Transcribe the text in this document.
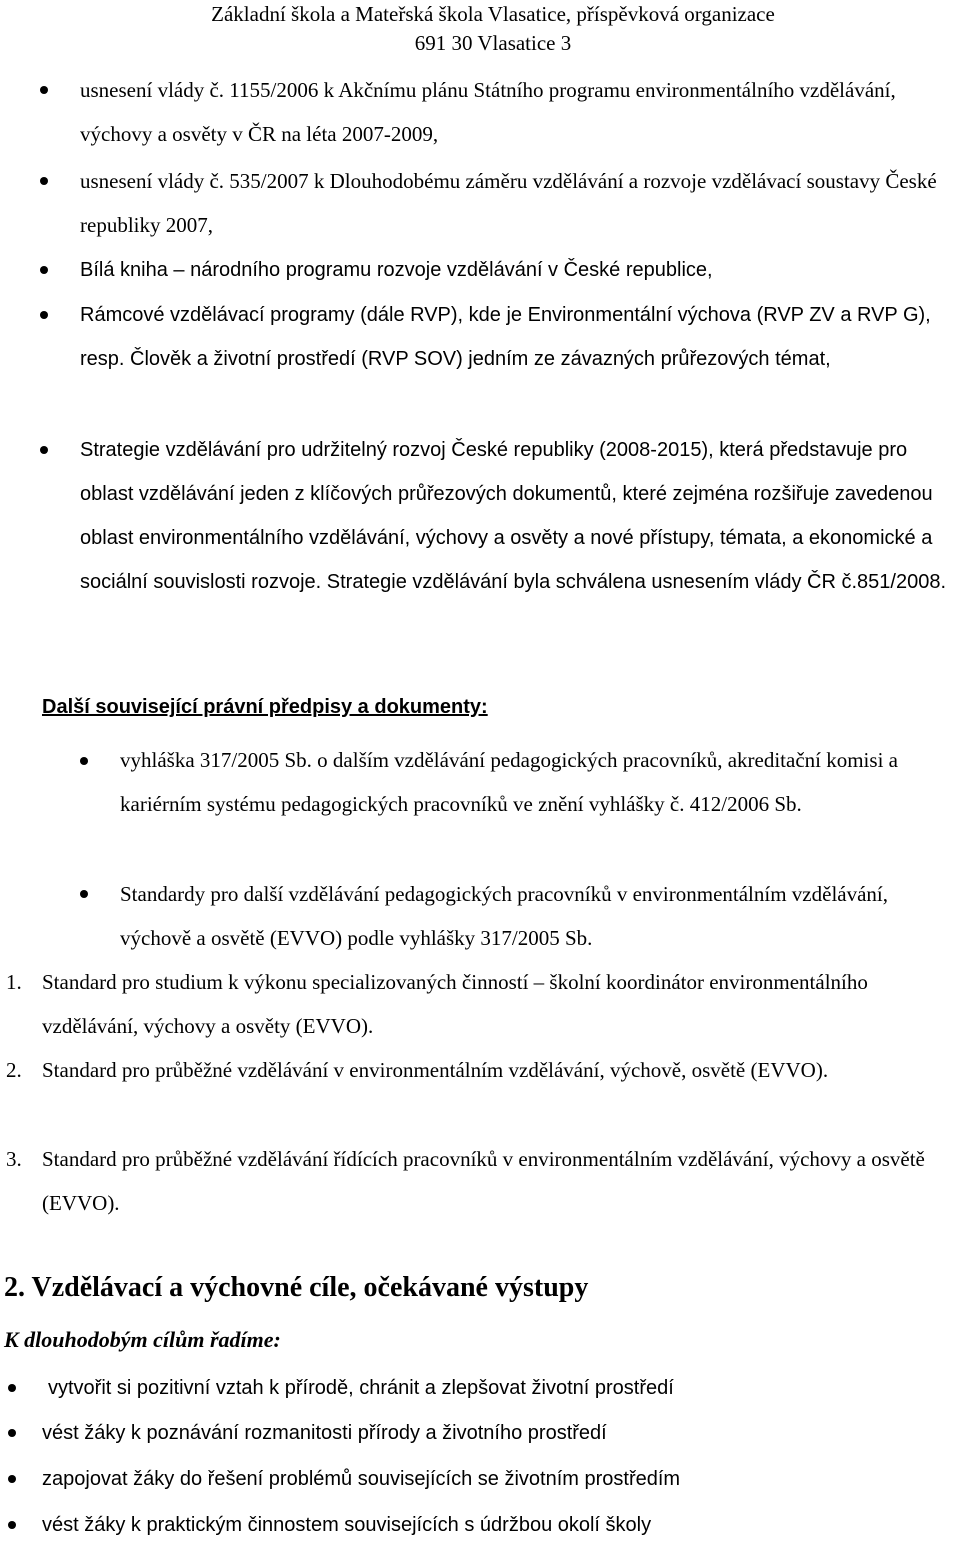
Základní škola a Mateřská škola Vlasatice, příspěvková organizace
691 30 Vlasatice 3
usnesení vlády č. 1155/2006 k Akčnímu plánu Státního programu environmentálního vzdělávání, výchovy a osvěty v ČR na léta 2007-2009,
usnesení vlády č. 535/2007 k Dlouhodobému záměru vzdělávání a rozvoje vzdělávací soustavy České republiky 2007,
Bílá kniha – národního programu rozvoje vzdělávání v České republice,
Rámcové vzdělávací programy (dále RVP), kde je Environmentální výchova (RVP ZV a RVP G), resp. Člověk a životní prostředí (RVP SOV) jedním ze závazných průřezových témat,
Strategie vzdělávání pro udržitelný rozvoj České republiky (2008-2015), která představuje pro oblast vzdělávání jeden z klíčových průřezových dokumentů, které zejména rozšiřuje zavedenou oblast environmentálního vzdělávání, výchovy a osvěty a nové přístupy, témata, a ekonomické a sociální souvislosti rozvoje. Strategie vzdělávání byla schválena usnesením vlády ČR č.851/2008.
Další související právní předpisy a dokumenty:
vyhláška 317/2005 Sb. o dalším vzdělávání pedagogických pracovníků, akreditační komisi a kariérním systému pedagogických pracovníků ve znění vyhlášky č. 412/2006 Sb.
Standardy pro další vzdělávání pedagogických pracovníků v environmentálním vzdělávání, výchově a osvětě (EVVO) podle vyhlášky 317/2005 Sb.
1. Standard pro studium k výkonu specializovaných činností – školní koordinátor environmentálního vzdělávání, výchovy a osvěty (EVVO).
2. Standard pro průběžné vzdělávání v environmentálním vzdělávání, výchově, osvětě (EVVO).
3. Standard pro průběžné vzdělávání řídících pracovníků v environmentálním vzdělávání, výchovy a osvětě (EVVO).
2. Vzdělávací a výchovné cíle, očekávané výstupy
K dlouhodobým cílům řadíme:
vytvořit si pozitivní vztah k přírodě, chránit a zlepšovat životní prostředí
vést žáky k poznávání rozmanitosti přírody a životního prostředí
zapojovat žáky do řešení problémů souvisejících se životním prostředím
vést žáky k praktickým činnostem souvisejících s údržbou okolí školy
